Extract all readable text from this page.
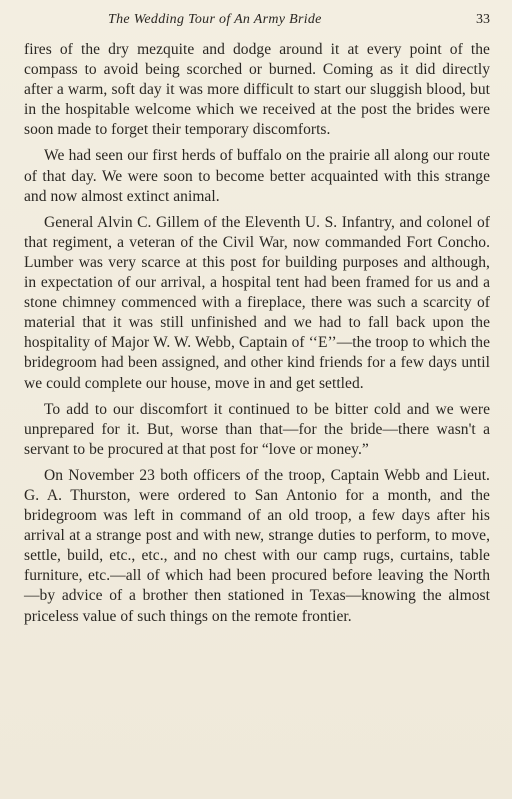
The Wedding Tour of An Army Bride	33

fires of the dry mezquite and dodge around it at every point of the compass to avoid being scorched or burned. Coming as it did directly after a warm, soft day it was more difficult to start our sluggish blood, but in the hospitable welcome which we received at the post the brides were soon made to forget their temporary discomforts.

We had seen our first herds of buffalo on the prairie all along our route of that day. We were soon to become better acquainted with this strange and now almost extinct animal.

General Alvin C. Gillem of the Eleventh U. S. Infantry, and colonel of that regiment, a veteran of the Civil War, now commanded Fort Concho. Lumber was very scarce at this post for building purposes and although, in expectation of our arrival, a hospital tent had been framed for us and a stone chimney commenced with a fireplace, there was such a scarcity of material that it was still unfinished and we had to fall back upon the hospitality of Major W. W. Webb, Captain of ‘‘E’’—the troop to which the bridegroom had been assigned, and other kind friends for a few days until we could complete our house, move in and get settled.

To add to our discomfort it continued to be bitter cold and we were unprepared for it. But, worse than that—for the bride—there wasn't a servant to be procured at that post for “love or money.”

On November 23 both officers of the troop, Captain Webb and Lieut. G. A. Thurston, were ordered to San Antonio for a month, and the bridegroom was left in command of an old troop, a few days after his arrival at a strange post and with new, strange duties to perform, to move, settle, build, etc., etc., and no chest with our camp rugs, curtains, table furniture, etc.—all of which had been procured before leaving the North—by advice of a brother then stationed in Texas—knowing the almost priceless value of such things on the remote frontier.
